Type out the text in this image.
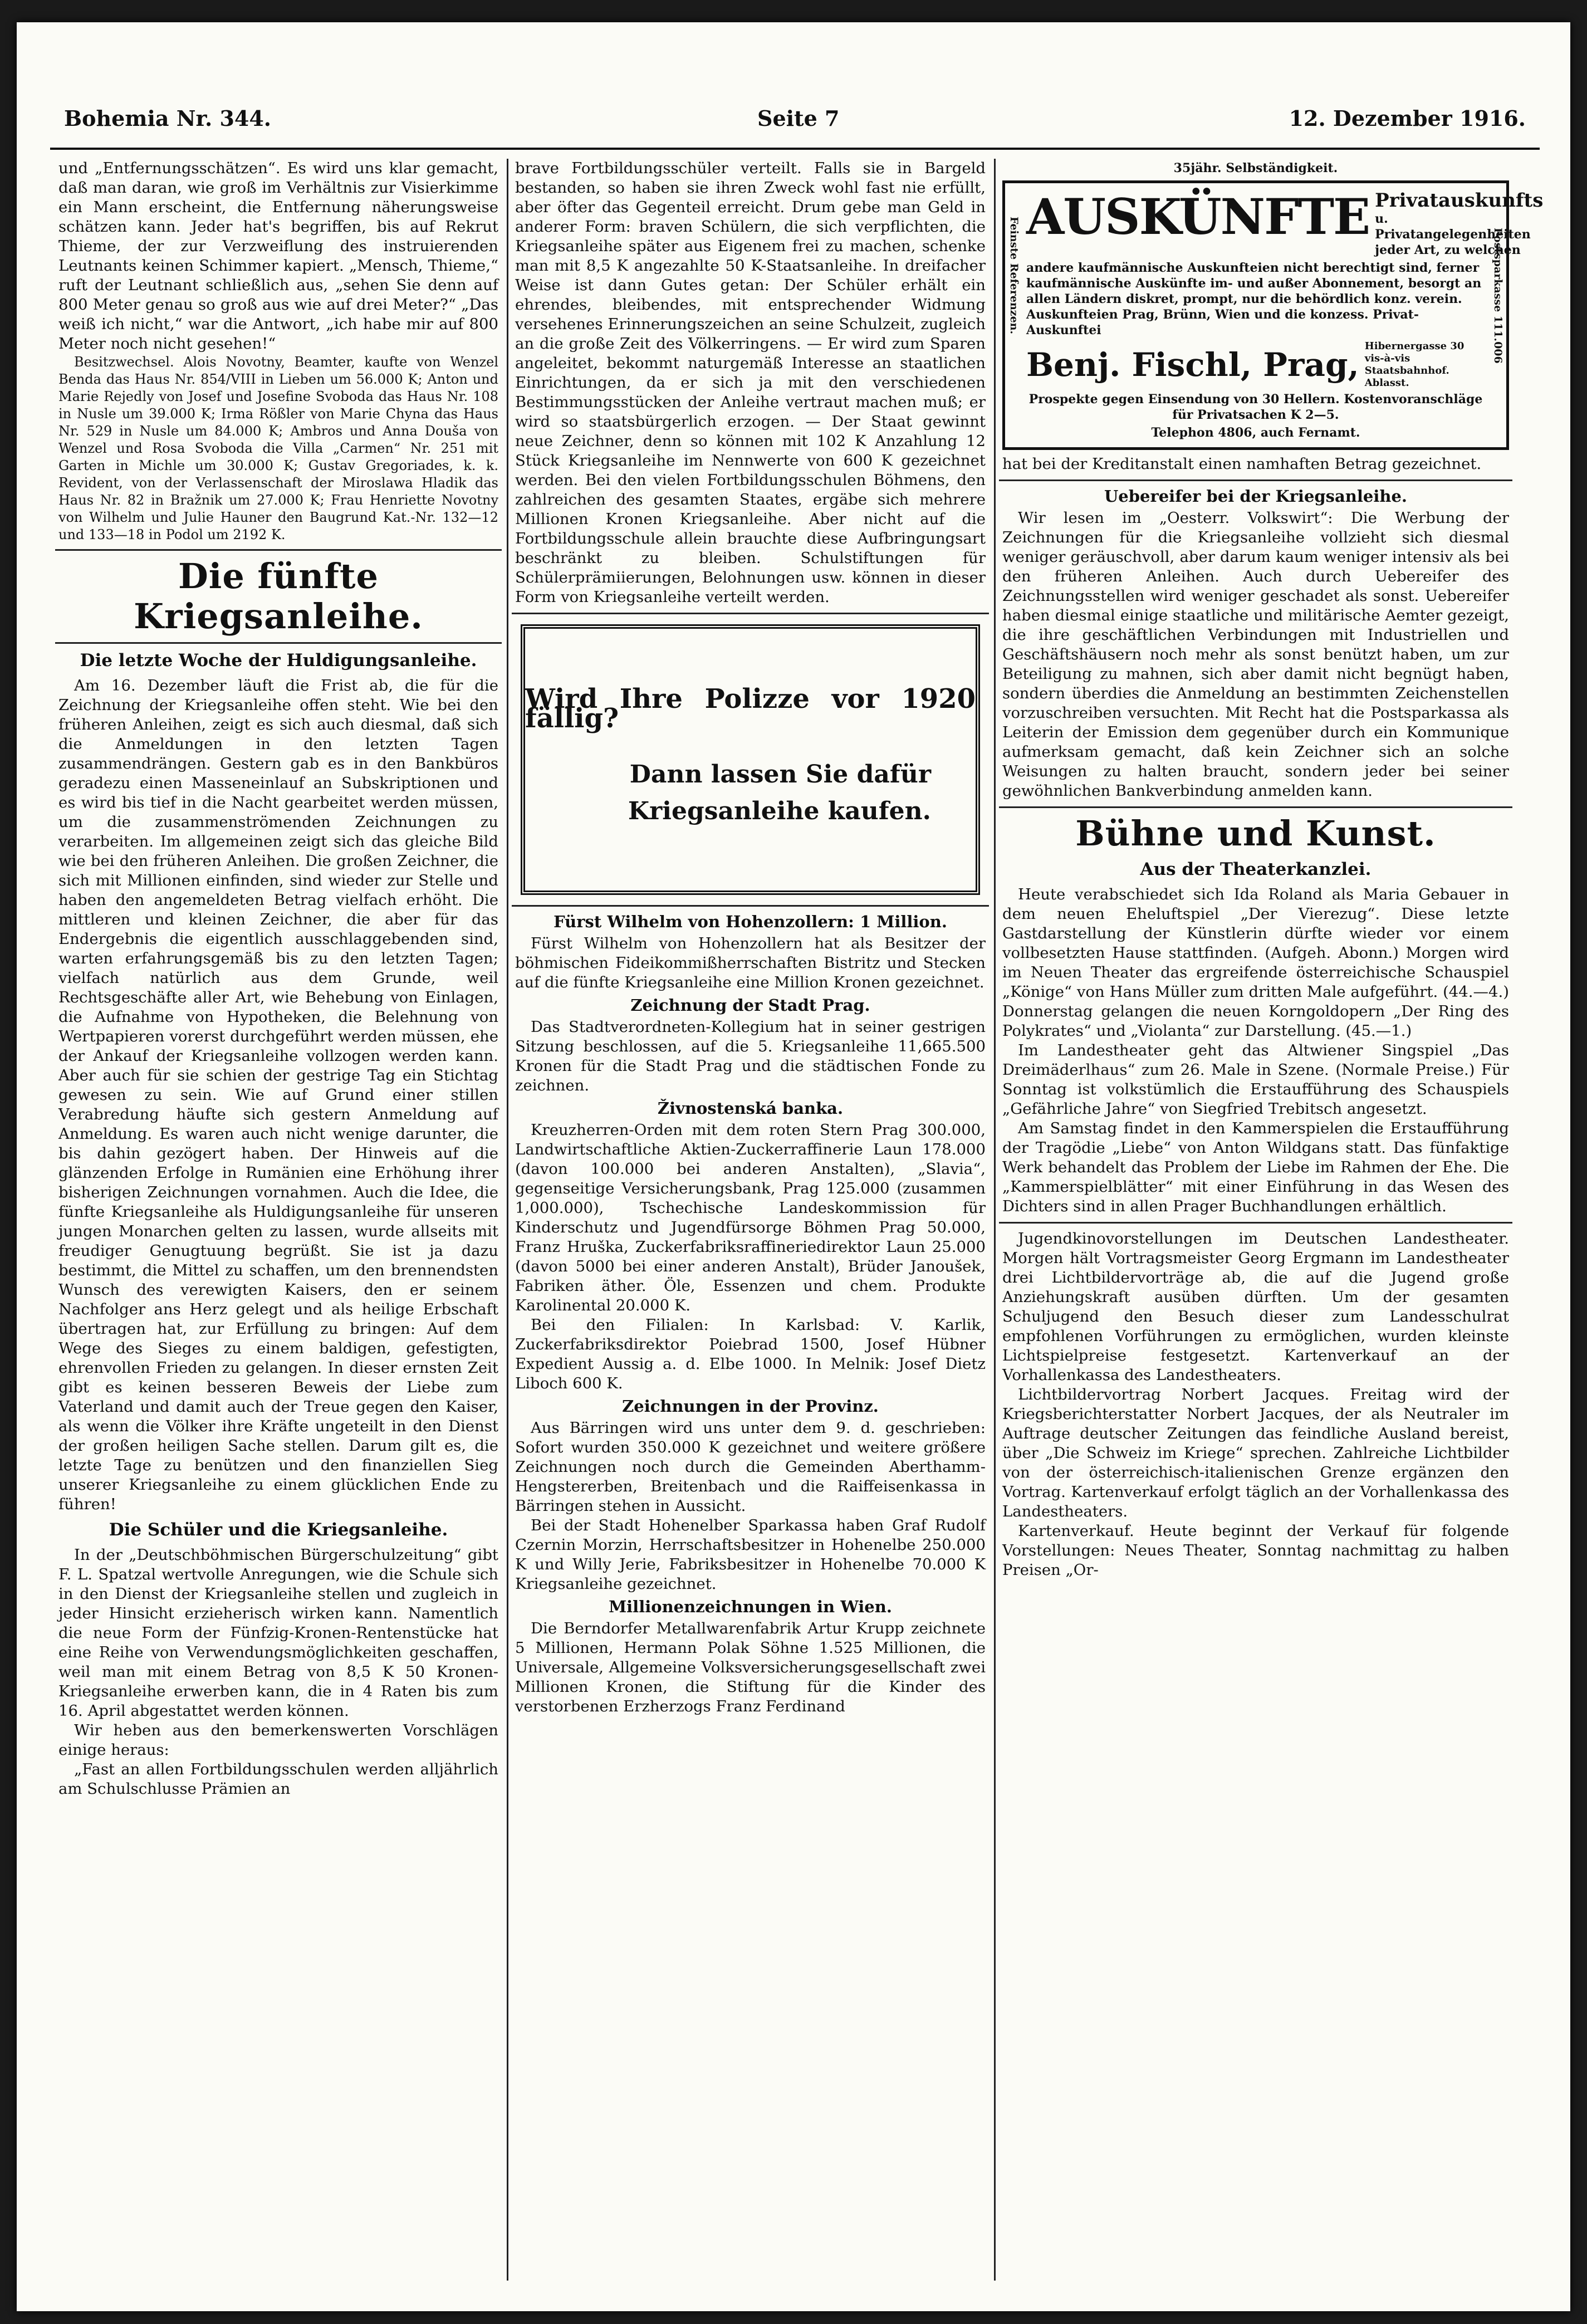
Bohemia Nr. 344.	Seite 7	12. Dezember 1916.

und „Entfernungsschätzen“. Es wird uns klar gemacht, daß man daran, wie groß im Verhältnis zur Visierkimme ein Mann erscheint, die Entfernung näherungsweise schätzen kann. Jeder hat's begriffen, bis auf Rekrut Thieme, der zur Verzweiflung des instruierenden Leutnants keinen Schimmer kapiert. „Mensch, Thieme,“ ruft der Leutnant schließlich aus, „sehen Sie denn auf 800 Meter genau so groß aus wie auf drei Meter?“ „Das weiß ich nicht,“ war die Antwort, „ich habe mir auf 800 Meter noch nicht gesehen!“

Besitzwechsel. Alois Novotny, Beamter, kaufte von Wenzel Benda das Haus Nr. 854/VIII in Lieben um 56.000 K; Anton und Marie Rejedly von Josef und Josefine Svoboda das Haus Nr. 108 in Nusle um 39.000 K; Irma Rößler von Marie Chyna das Haus Nr. 529 in Nusle um 84.000 K; Ambros und Anna Douša von Wenzel und Rosa Svoboda die Villa „Carmen“ Nr. 251 mit Garten in Michle um 30.000 K; Gustav Gregoriades, k. k. Revident, von der Verlassenschaft der Miroslawa Hladik das Haus Nr. 82 in Bražnik um 27.000 K; Frau Henriette Novotny von Wilhelm und Julie Hauner den Baugrund Kat.-Nr. 132—12 und 133—18 in Podol um 2192 K.

Die fünfte Kriegsanleihe.
Die letzte Woche der Huldigungsanleihe.

Am 16. Dezember läuft die Frist ab, die für die Zeichnung der Kriegsanleihe offen steht. Wie bei den früheren Anleihen, zeigt es sich auch diesmal, daß sich die Anmeldungen in den letzten Tagen zusammendrängen. Gestern gab es in den Bankbüros geradezu einen Masseneinlauf an Subskriptionen und es wird bis tief in die Nacht gearbeitet werden müssen, um die zusammenströmenden Zeichnungen zu verarbeiten. Im allgemeinen zeigt sich das gleiche Bild wie bei den früheren Anleihen. Die großen Zeichner, die sich mit Millionen einfinden, sind wieder zur Stelle und haben den angemeldeten Betrag vielfach erhöht. Die mittleren und kleinen Zeichner, die aber für das Endergebnis die eigentlich ausschlaggebenden sind, warten erfahrungsgemäß bis zu den letzten Tagen; vielfach natürlich aus dem Grunde, weil Rechtsgeschäfte aller Art, wie Behebung von Einlagen, die Aufnahme von Hypotheken, die Belehnung von Wertpapieren vorerst durchgeführt werden müssen, ehe der Ankauf der Kriegsanleihe vollzogen werden kann. Aber auch für sie schien der gestrige Tag ein Stichtag gewesen zu sein. Wie auf Grund einer stillen Verabredung häufte sich gestern Anmeldung auf Anmeldung. Es waren auch nicht wenige darunter, die bis dahin gezögert haben. Der Hinweis auf die glänzenden Erfolge in Rumänien eine Erhöhung ihrer bisherigen Zeichnungen vornahmen. Auch die Idee, die fünfte Kriegsanleihe als Huldigungsanleihe für unseren jungen Monarchen gelten zu lassen, wurde allseits mit freudiger Genugtuung begrüßt. Sie ist ja dazu bestimmt, die Mittel zu schaffen, um den brennendsten Wunsch des verewigten Kaisers, den er seinem Nachfolger ans Herz gelegt und als heilige Erbschaft übertragen hat, zur Erfüllung zu bringen: Auf dem Wege des Sieges zu einem baldigen, gefestigten, ehrenvollen Frieden zu gelangen. In dieser ernsten Zeit gibt es keinen besseren Beweis der Liebe zum Vaterland und damit auch der Treue gegen den Kaiser, als wenn die Völker ihre Kräfte ungeteilt in den Dienst der großen heiligen Sache stellen. Darum gilt es, die letzte Tage zu benützen und den finanziellen Sieg unserer Kriegsanleihe zu einem glücklichen Ende zu führen!

Die Schüler und die Kriegsanleihe.

In der „Deutschböhmischen Bürgerschulzeitung“ gibt F. L. Spatzal wertvolle Anregungen, wie die Schule sich in den Dienst der Kriegsanleihe stellen und zugleich in jeder Hinsicht erzieherisch wirken kann. Namentlich die neue Form der Fünfzig-Kronen-Rentenstücke hat eine Reihe von Verwendungsmöglichkeiten geschaffen, weil man mit einem Betrag von 8,5 K 50 Kronen-Kriegsanleihe erwerben kann, die in 4 Raten bis zum 16. April abgestattet werden können.

Wir heben aus den bemerkenswerten Vorschlägen einige heraus:

„Fast an allen Fortbildungsschulen werden alljährlich am Schulschlusse Prämien an

brave Fortbildungsschüler verteilt. Falls sie in Bargeld bestanden, so haben sie ihren Zweck wohl fast nie erfüllt, aber öfter das Gegenteil erreicht. Drum gebe man Geld in anderer Form: braven Schülern, die sich verpflichten, die Kriegsanleihe später aus Eigenem frei zu machen, schenke man mit 8,5 K angezahlte 50 K-Staatsanleihe. In dreifacher Weise ist dann Gutes getan: Der Schüler erhält ein ehrendes, bleibendes, mit entsprechender Widmung versehenes Erinnerungszeichen an seine Schulzeit, zugleich an die große Zeit des Völkerringens. — Er wird zum Sparen angeleitet, bekommt naturgemäß Interesse an staatlichen Einrichtungen, da er sich ja mit den verschiedenen Bestimmungsstücken der Anleihe vertraut machen muß; er wird so staatsbürgerlich erzogen. — Der Staat gewinnt neue Zeichner, denn so können mit 102 K Anzahlung 12 Stück Kriegsanleihe im Nennwerte von 600 K gezeichnet werden. Bei den vielen Fortbildungsschulen Böhmens, den zahlreichen des gesamten Staates, ergäbe sich mehrere Millionen Kronen Kriegsanleihe. Aber nicht auf die Fortbildungsschule allein brauchte diese Aufbringungsart beschränkt zu bleiben. Schulstiftungen für Schülerprämiierungen, Belohnungen usw. können in dieser Form von Kriegsanleihe verteilt werden.

Wird Ihre Polizze vor 1920 fällig?
Dann lassen Sie dafür
Kriegsanleihe kaufen.
Fürst Wilhelm von Hohenzollern: 1 Million.

Fürst Wilhelm von Hohenzollern hat als Besitzer der böhmischen Fideikommißherrschaften Bistritz und Stecken auf die fünfte Kriegsanleihe eine Million Kronen gezeichnet.

Zeichnung der Stadt Prag.

Das Stadtverordneten-Kollegium hat in seiner gestrigen Sitzung beschlossen, auf die 5. Kriegsanleihe 11,665.500 Kronen für die Stadt Prag und die städtischen Fonde zu zeichnen.

Živnostenská banka.

Kreuzherren-Orden mit dem roten Stern Prag 300.000, Landwirtschaftliche Aktien-Zuckerraffinerie Laun 178.000 (davon 100.000 bei anderen Anstalten), „Slavia“, gegenseitige Versicherungsbank, Prag 125.000 (zusammen 1,000.000), Tschechische Landeskommission für Kinderschutz und Jugendfürsorge Böhmen Prag 50.000, Franz Hruška, Zuckerfabriksraffineriedirektor Laun 25.000 (davon 5000 bei einer anderen Anstalt), Brüder Janoušek, Fabriken äther. Öle, Essenzen und chem. Produkte Karolinental 20.000 K.

Bei den Filialen: In Karlsbad: V. Karlik, Zuckerfabriksdirektor Poiebrad 1500, Josef Hübner Expedient Aussig a. d. Elbe 1000. In Melnik: Josef Dietz Liboch 600 K.

Zeichnungen in der Provinz.

Aus Bärringen wird uns unter dem 9. d. geschrieben: Sofort wurden 350.000 K gezeichnet und weitere größere Zeichnungen noch durch die Gemeinden Aberthamm-Hengstererben, Breitenbach und die Raiffeisenkassa in Bärringen stehen in Aussicht.

Bei der Stadt Hohenelber Sparkassa haben Graf Rudolf Czernin Morzin, Herrschaftsbesitzer in Hohenelbe 250.000 K und Willy Jerie, Fabriksbesitzer in Hohenelbe 70.000 K Kriegsanleihe gezeichnet.

Millionenzeichnungen in Wien.

Die Berndorfer Metallwarenfabrik Artur Krupp zeichnete 5 Millionen, Hermann Polak Söhne 1.525 Millionen, die Universale, Allgemeine Volksversicherungsgesellschaft zwei Millionen Kronen, die Stiftung für die Kinder des verstorbenen Erzherzogs Franz Ferdinand

35jähr. Selbständigkeit.
Feinste Referenzen.	Postsparkasse 111.006
AUSKÜNFTE Privatauskunfts
u. Privatangelegenheiten jeder Art, zu welchen
andere kaufmännische Auskunfteien nicht berechtigt sind, ferner kaufmännische Auskünfte im- und außer Abonnement, besorgt an allen Ländern diskret, prompt, nur die behördlich konz. verein. Auskunfteien Prag, Brünn, Wien und die konzess. Privat-Auskunftei
Benj. Fischl, Prag, Hibernergasse 30 vis-à-vis Staatsbahnhof. Ablasst.
Prospekte gegen Einsendung von 30 Hellern. Kostenvoranschläge für Privatsachen K 2—5.
Telephon 4806, auch Fernamt.

hat bei der Kreditanstalt einen namhaften Betrag gezeichnet.

Uebereifer bei der Kriegsanleihe.

Wir lesen im „Oesterr. Volkswirt“: Die Werbung der Zeichnungen für die Kriegsanleihe vollzieht sich diesmal weniger geräuschvoll, aber darum kaum weniger intensiv als bei den früheren Anleihen. Auch durch Uebereifer des Zeichnungsstellen wird weniger geschadet als sonst. Uebereifer haben diesmal einige staatliche und militärische Aemter gezeigt, die ihre geschäftlichen Verbindungen mit Industriellen und Geschäftshäusern noch mehr als sonst benützt haben, um zur Beteiligung zu mahnen, sich aber damit nicht begnügt haben, sondern überdies die Anmeldung an bestimmten Zeichenstellen vorzuschreiben versuchten. Mit Recht hat die Postsparkassa als Leiterin der Emission dem gegenüber durch ein Kommunique aufmerksam gemacht, daß kein Zeichner sich an solche Weisungen zu halten braucht, sondern jeder bei seiner gewöhnlichen Bankverbindung anmelden kann.

Bühne und Kunst.
Aus der Theaterkanzlei.

Heute verabschiedet sich Ida Roland als Maria Gebauer in dem neuen Eheluftspiel „Der Vierezug“. Diese letzte Gastdarstellung der Künstlerin dürfte wieder vor einem vollbesetzten Hause stattfinden. (Aufgeh. Abonn.) Morgen wird im Neuen Theater das ergreifende österreichische Schauspiel „Könige“ von Hans Müller zum dritten Male aufgeführt. (44.—4.) Donnerstag gelangen die neuen Korngoldopern „Der Ring des Polykrates“ und „Violanta“ zur Darstellung. (45.—1.)

Im Landestheater geht das Altwiener Singspiel „Das Dreimäderlhaus“ zum 26. Male in Szene. (Normale Preise.) Für Sonntag ist volkstümlich die Erstaufführung des Schauspiels „Gefährliche Jahre“ von Siegfried Trebitsch angesetzt.

Am Samstag findet in den Kammerspielen die Erstaufführung der Tragödie „Liebe“ von Anton Wildgans statt. Das fünfaktige Werk behandelt das Problem der Liebe im Rahmen der Ehe. Die „Kammerspielblätter“ mit einer Einführung in das Wesen des Dichters sind in allen Prager Buchhandlungen erhältlich.

Jugendkinovorstellungen im Deutschen Landestheater. Morgen hält Vortragsmeister Georg Ergmann im Landestheater drei Lichtbildervorträge ab, die auf die Jugend große Anziehungskraft ausüben dürften. Um der gesamten Schuljugend den Besuch dieser zum Landesschulrat empfohlenen Vorführungen zu ermöglichen, wurden kleinste Lichtspielpreise festgesetzt. Kartenverkauf an der Vorhallenkassa des Landestheaters.

Lichtbildervortrag Norbert Jacques. Freitag wird der Kriegsberichterstatter Norbert Jacques, der als Neutraler im Auftrage deutscher Zeitungen das feindliche Ausland bereist, über „Die Schweiz im Kriege“ sprechen. Zahlreiche Lichtbilder von der österreichisch-italienischen Grenze ergänzen den Vortrag. Kartenverkauf erfolgt täglich an der Vorhallenkassa des Landestheaters.

Kartenverkauf. Heute beginnt der Verkauf für folgende Vorstellungen: Neues Theater, Sonntag nachmittag zu halben Preisen „Or-
